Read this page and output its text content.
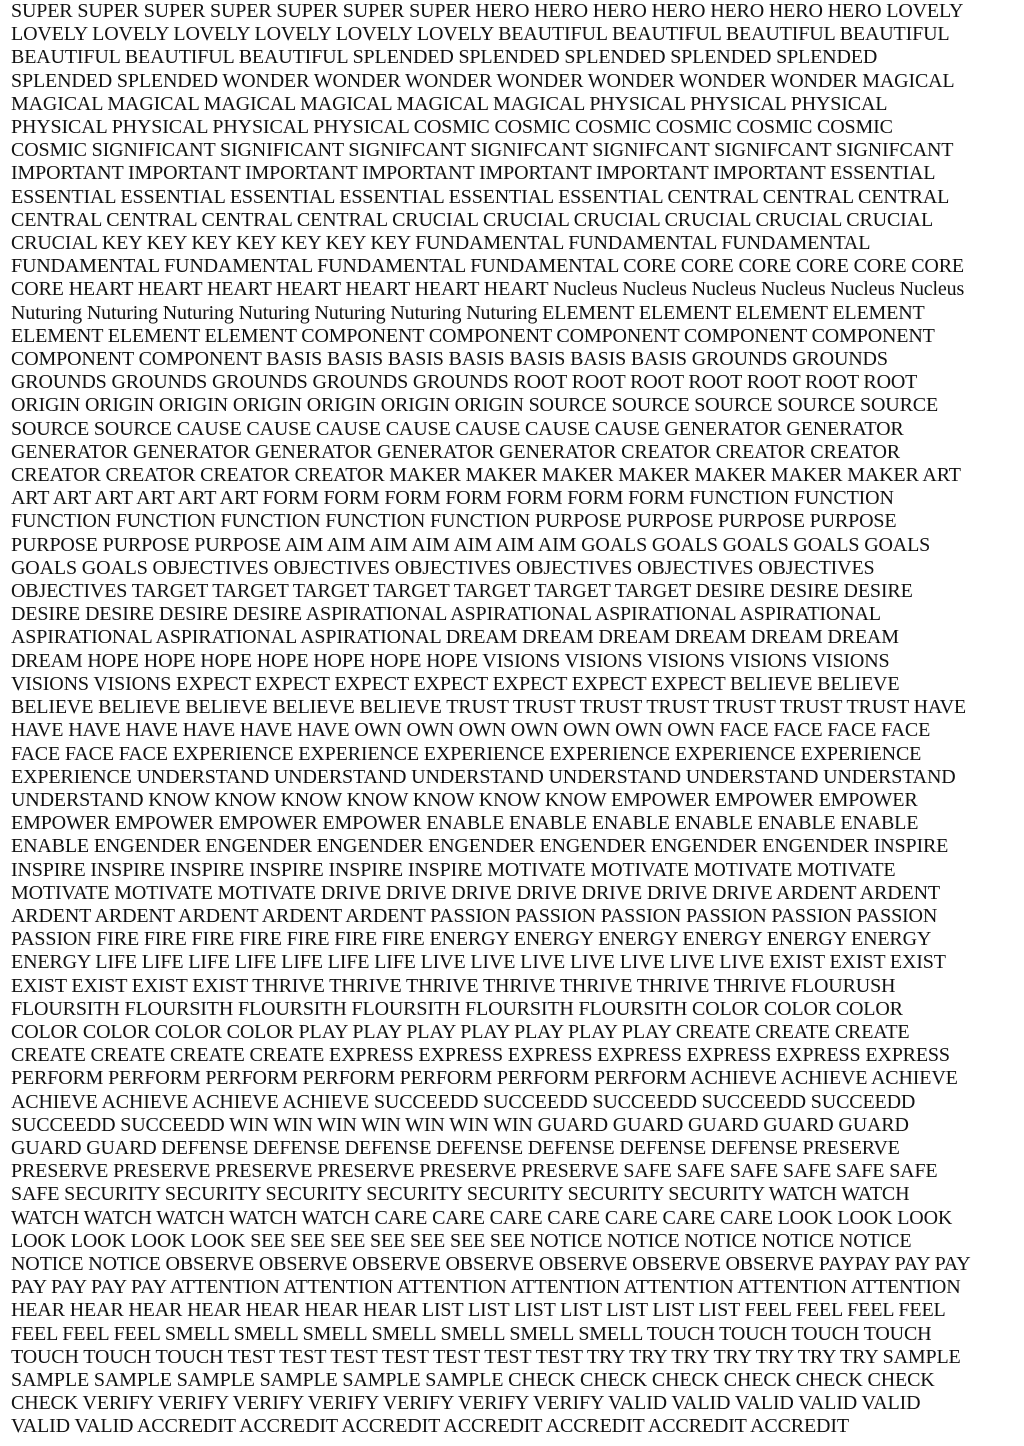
SUPER SUPER SUPER SUPER SUPER SUPER SUPER HERO HERO HERO HERO HERO HERO HERO LOVELY
LOVELY LOVELY LOVELY LOVELY LOVELY LOVELY BEAUTIFUL BEAUTIFUL BEAUTIFUL BEAUTIFUL
BEAUTIFUL BEAUTIFUL BEAUTIFUL SPLENDED SPLENDED SPLENDED SPLENDED SPLENDED
SPLENDED SPLENDED WONDER WONDER WONDER WONDER WONDER WONDER WONDER MAGICAL
MAGICAL MAGICAL MAGICAL MAGICAL MAGICAL MAGICAL PHYSICAL PHYSICAL PHYSICAL
PHYSICAL PHYSICAL PHYSICAL PHYSICAL COSMIC COSMIC COSMIC COSMIC COSMIC COSMIC
COSMIC SIGNIFICANT SIGNIFICANT SIGNIFCANT SIGNIFCANT SIGNIFCANT SIGNIFCANT SIGNIFCANT
IMPORTANT IMPORTANT IMPORTANT IMPORTANT IMPORTANT IMPORTANT IMPORTANT ESSENTIAL
ESSENTIAL ESSENTIAL ESSENTIAL ESSENTIAL ESSENTIAL ESSENTIAL CENTRAL CENTRAL CENTRAL
CENTRAL CENTRAL CENTRAL CENTRAL CRUCIAL CRUCIAL CRUCIAL CRUCIAL CRUCIAL CRUCIAL
CRUCIAL KEY KEY KEY KEY KEY KEY KEY FUNDAMENTAL FUNDAMENTAL FUNDAMENTAL
FUNDAMENTAL FUNDAMENTAL FUNDAMENTAL FUNDAMENTAL CORE CORE CORE CORE CORE CORE
CORE HEART HEART HEART HEART HEART HEART HEART Nucleus Nucleus Nucleus Nucleus Nucleus Nucleus
Nuturing Nuturing Nuturing Nuturing Nuturing Nuturing Nuturing ELEMENT ELEMENT ELEMENT ELEMENT
ELEMENT ELEMENT ELEMENT COMPONENT COMPONENT COMPONENT COMPONENT COMPONENT
COMPONENT COMPONENT BASIS BASIS BASIS BASIS BASIS BASIS BASIS GROUNDS GROUNDS
GROUNDS GROUNDS GROUNDS GROUNDS GROUNDS ROOT ROOT ROOT ROOT ROOT ROOT ROOT
ORIGIN ORIGIN ORIGIN ORIGIN ORIGIN ORIGIN ORIGIN SOURCE SOURCE SOURCE SOURCE SOURCE
SOURCE SOURCE CAUSE CAUSE CAUSE CAUSE CAUSE CAUSE CAUSE GENERATOR GENERATOR
GENERATOR GENERATOR GENERATOR GENERATOR GENERATOR CREATOR CREATOR CREATOR
CREATOR CREATOR CREATOR CREATOR MAKER MAKER MAKER MAKER MAKER MAKER MAKER ART
ART ART ART ART ART ART FORM FORM FORM FORM FORM FORM FORM FUNCTION FUNCTION
FUNCTION FUNCTION FUNCTION FUNCTION FUNCTION PURPOSE PURPOSE PURPOSE PURPOSE
PURPOSE PURPOSE PURPOSE AIM AIM AIM AIM AIM AIM AIM GOALS GOALS GOALS GOALS GOALS
GOALS GOALS OBJECTIVES OBJECTIVES OBJECTIVES OBJECTIVES OBJECTIVES OBJECTIVES
OBJECTIVES TARGET TARGET TARGET TARGET TARGET TARGET TARGET DESIRE DESIRE DESIRE
DESIRE DESIRE DESIRE DESIRE ASPIRATIONAL ASPIRATIONAL ASPIRATIONAL ASPIRATIONAL
ASPIRATIONAL ASPIRATIONAL ASPIRATIONAL DREAM DREAM DREAM DREAM DREAM DREAM
DREAM HOPE HOPE HOPE HOPE HOPE HOPE HOPE VISIONS VISIONS VISIONS VISIONS VISIONS
VISIONS VISIONS EXPECT EXPECT EXPECT EXPECT EXPECT EXPECT EXPECT BELIEVE BELIEVE
BELIEVE BELIEVE BELIEVE BELIEVE BELIEVE TRUST TRUST TRUST TRUST TRUST TRUST TRUST HAVE
HAVE HAVE HAVE HAVE HAVE HAVE OWN OWN OWN OWN OWN OWN OWN FACE FACE FACE FACE
FACE FACE FACE EXPERIENCE EXPERIENCE EXPERIENCE EXPERIENCE EXPERIENCE EXPERIENCE
EXPERIENCE UNDERSTAND UNDERSTAND UNDERSTAND UNDERSTAND UNDERSTAND UNDERSTAND
UNDERSTAND KNOW KNOW KNOW KNOW KNOW KNOW KNOW EMPOWER EMPOWER EMPOWER
EMPOWER EMPOWER EMPOWER EMPOWER ENABLE ENABLE ENABLE ENABLE ENABLE ENABLE
ENABLE ENGENDER ENGENDER ENGENDER ENGENDER ENGENDER ENGENDER ENGENDER INSPIRE
INSPIRE INSPIRE INSPIRE INSPIRE INSPIRE INSPIRE MOTIVATE MOTIVATE MOTIVATE MOTIVATE
MOTIVATE MOTIVATE MOTIVATE DRIVE DRIVE DRIVE DRIVE DRIVE DRIVE DRIVE ARDENT ARDENT
ARDENT ARDENT ARDENT ARDENT ARDENT PASSION PASSION PASSION PASSION PASSION PASSION
PASSION FIRE FIRE FIRE FIRE FIRE FIRE FIRE ENERGY ENERGY ENERGY ENERGY ENERGY ENERGY
ENERGY LIFE LIFE LIFE LIFE LIFE LIFE LIFE LIVE LIVE LIVE LIVE LIVE LIVE LIVE EXIST EXIST EXIST
EXIST EXIST EXIST EXIST THRIVE THRIVE THRIVE THRIVE THRIVE THRIVE THRIVE FLOURUSH
FLOURSITH FLOURSITH FLOURSITH FLOURSITH FLOURSITH FLOURSITH COLOR COLOR COLOR
COLOR COLOR COLOR COLOR PLAY PLAY PLAY PLAY PLAY PLAY PLAY CREATE CREATE CREATE
CREATE CREATE CREATE CREATE EXPRESS EXPRESS EXPRESS EXPRESS EXPRESS EXPRESS EXPRESS
PERFORM PERFORM PERFORM PERFORM PERFORM PERFORM PERFORM ACHIEVE ACHIEVE ACHIEVE
ACHIEVE ACHIEVE ACHIEVE ACHIEVE SUCCEEDD SUCCEEDD SUCCEEDD SUCCEEDD SUCCEEDD
SUCCEEDD SUCCEEDD WIN WIN WIN WIN WIN WIN WIN GUARD GUARD GUARD GUARD GUARD
GUARD GUARD DEFENSE DEFENSE DEFENSE DEFENSE DEFENSE DEFENSE DEFENSE PRESERVE
PRESERVE PRESERVE PRESERVE PRESERVE PRESERVE PRESERVE SAFE SAFE SAFE SAFE SAFE SAFE
SAFE SECURITY SECURITY SECURITY SECURITY SECURITY SECURITY SECURITY WATCH WATCH
WATCH WATCH WATCH WATCH WATCH CARE CARE CARE CARE CARE CARE CARE LOOK LOOK LOOK
LOOK LOOK LOOK LOOK SEE SEE SEE SEE SEE SEE SEE NOTICE NOTICE NOTICE NOTICE NOTICE
NOTICE NOTICE OBSERVE OBSERVE OBSERVE OBSERVE OBSERVE OBSERVE OBSERVE PAYPAY PAY PAY
PAY PAY PAY PAY ATTENTION ATTENTION ATTENTION ATTENTION ATTENTION ATTENTION ATTENTION
HEAR HEAR HEAR HEAR HEAR HEAR HEAR LIST LIST LIST LIST LIST LIST LIST FEEL FEEL FEEL FEEL
FEEL FEEL FEEL SMELL SMELL SMELL SMELL SMELL SMELL SMELL TOUCH TOUCH TOUCH TOUCH
TOUCH TOUCH TOUCH TEST TEST TEST TEST TEST TEST TEST TRY TRY TRY TRY TRY TRY TRY SAMPLE
SAMPLE SAMPLE SAMPLE SAMPLE SAMPLE SAMPLE CHECK CHECK CHECK CHECK CHECK CHECK
CHECK VERIFY VERIFY VERIFY VERIFY VERIFY VERIFY VERIFY VALID VALID VALID VALID VALID
VALID VALID ACCREDIT ACCREDIT ACCREDIT ACCREDIT ACCREDIT ACCREDIT ACCREDIT
